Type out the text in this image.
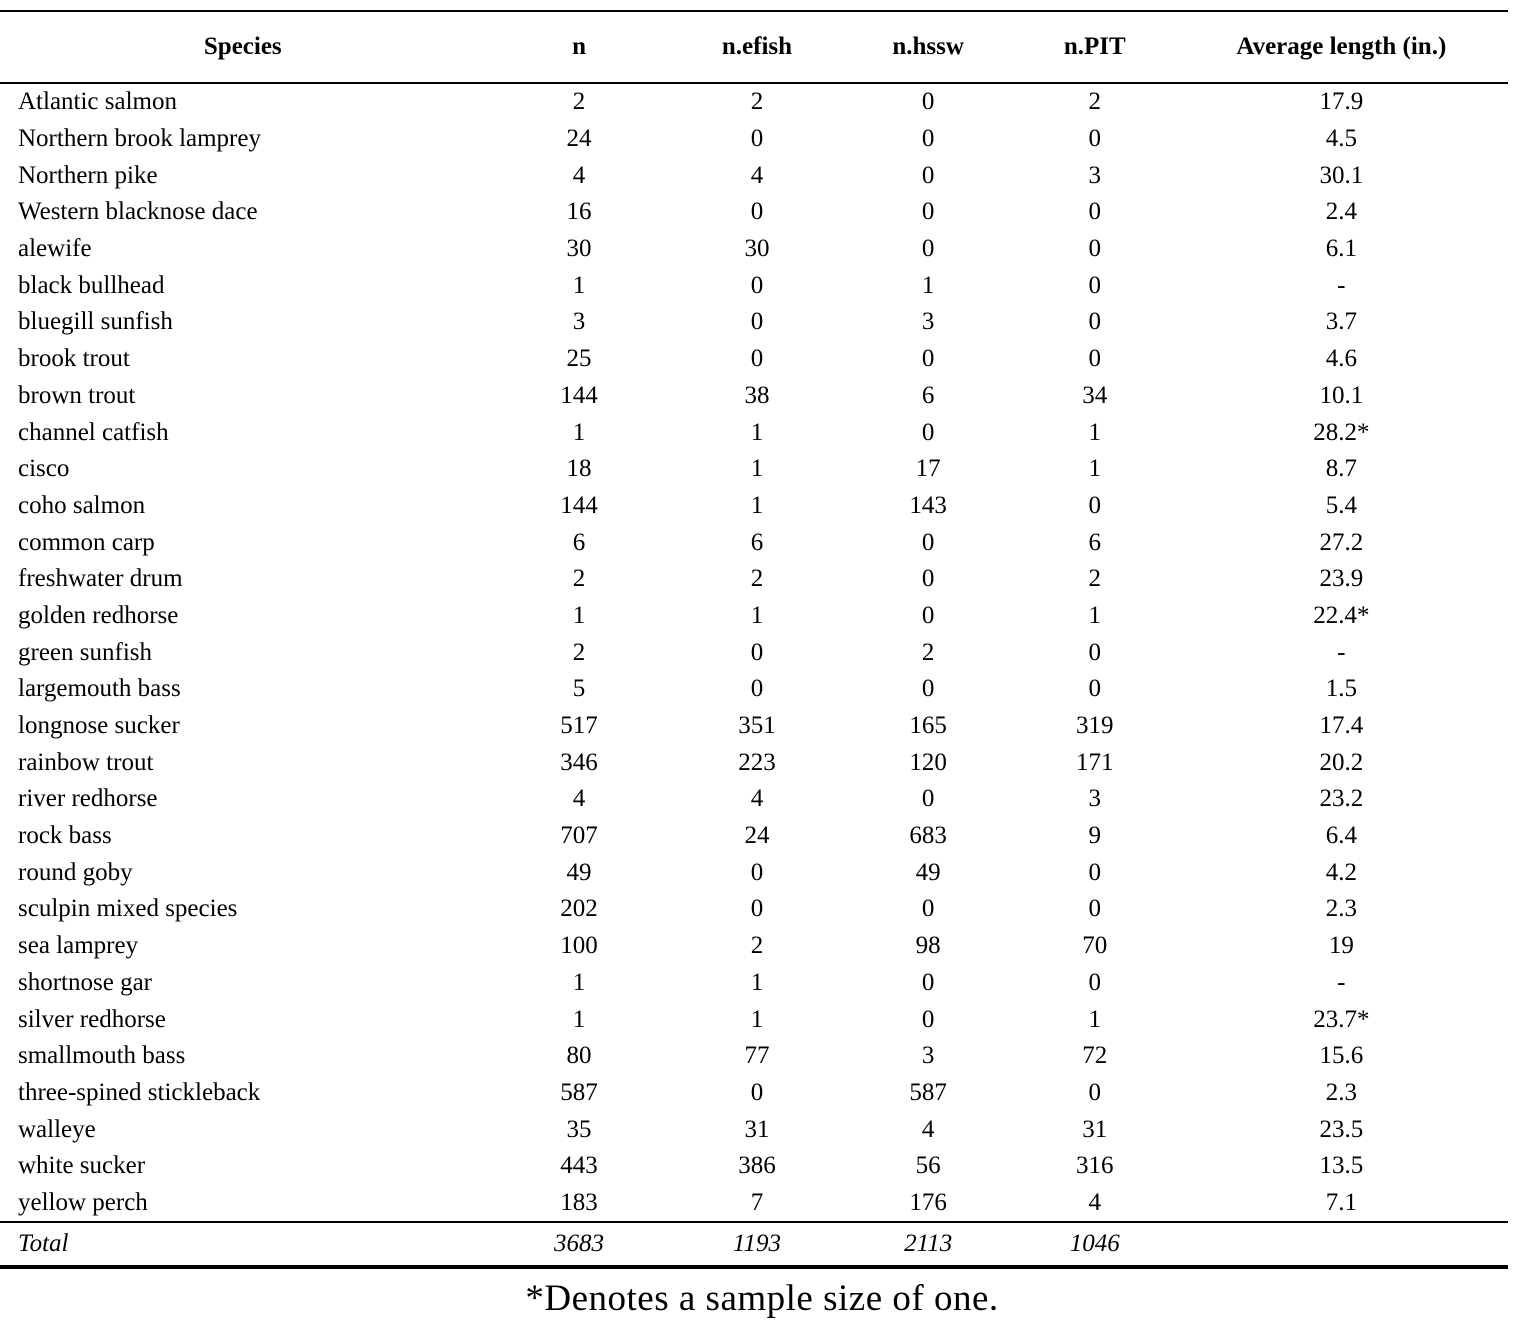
Species	n	n.efish	n.hssw	n.PIT	Average length (in.)
Atlantic salmon	2	2	0	2	17.9
Northern brook lamprey	24	0	0	0	4.5
Northern pike	4	4	0	3	30.1
Western blacknose dace	16	0	0	0	2.4
alewife	30	30	0	0	6.1
black bullhead	1	0	1	0	-
bluegill sunfish	3	0	3	0	3.7
brook trout	25	0	0	0	4.6
brown trout	144	38	6	34	10.1
channel catfish	1	1	0	1	28.2*
cisco	18	1	17	1	8.7
coho salmon	144	1	143	0	5.4
common carp	6	6	0	6	27.2
freshwater drum	2	2	0	2	23.9
golden redhorse	1	1	0	1	22.4*
green sunfish	2	0	2	0	-
largemouth bass	5	0	0	0	1.5
longnose sucker	517	351	165	319	17.4
rainbow trout	346	223	120	171	20.2
river redhorse	4	4	0	3	23.2
rock bass	707	24	683	9	6.4
round goby	49	0	49	0	4.2
sculpin mixed species	202	0	0	0	2.3
sea lamprey	100	2	98	70	19
shortnose gar	1	1	0	0	-
silver redhorse	1	1	0	1	23.7*
smallmouth bass	80	77	3	72	15.6
three-spined stickleback	587	0	587	0	2.3
walleye	35	31	4	31	23.5
white sucker	443	386	56	316	13.5
yellow perch	183	7	176	4	7.1
Total	3683	1193	2113	1046	
*Denotes a sample size of one.
